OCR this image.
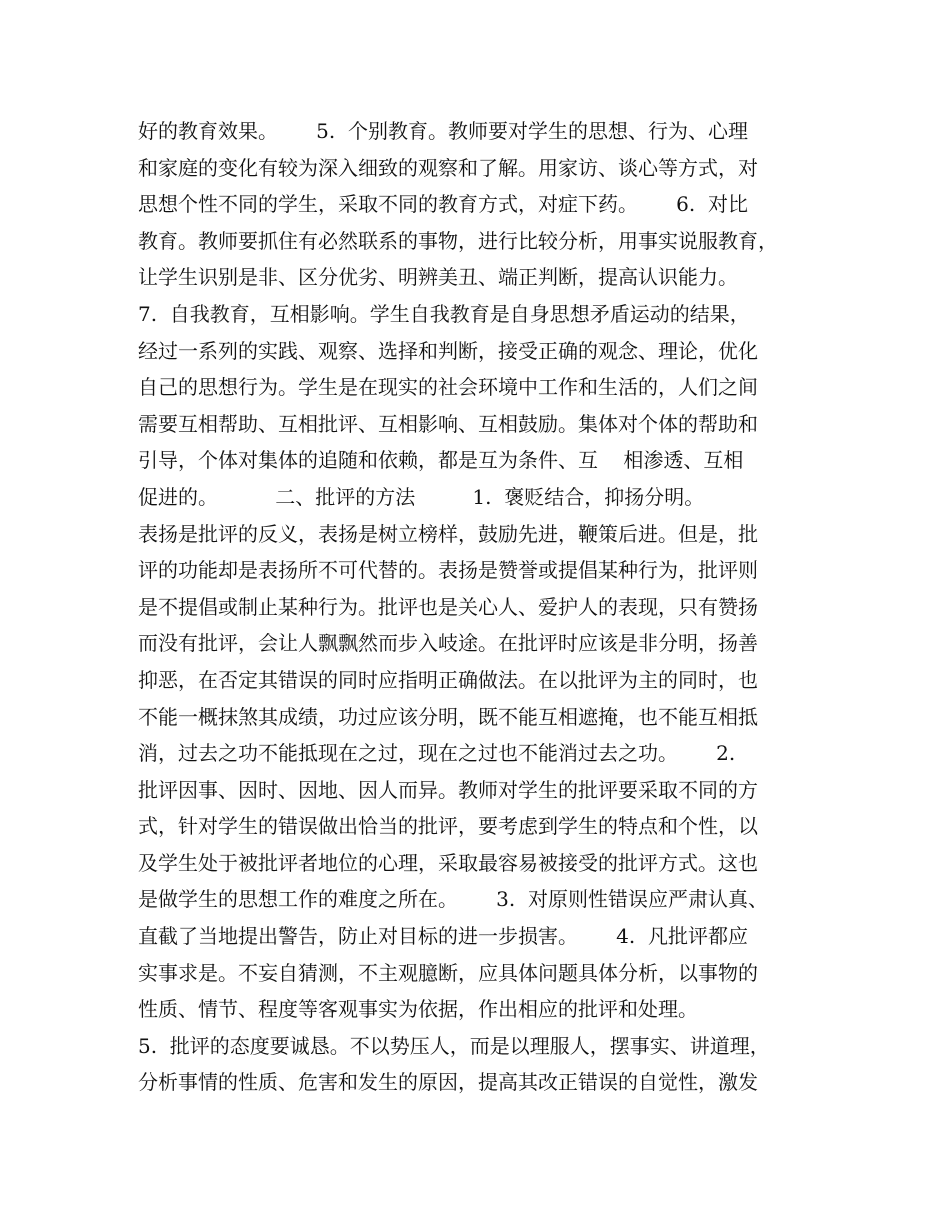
好的教育效果。      5.  个别教育。教师要对学生的思想、行为、心理
和家庭的变化有较为深入细致的观察和了解。用家访、谈心等方式，对
思想个性不同的学生，采取不同的教育方式，对症下药。      6.  对比
教育。教师要抓住有必然联系的事物，进行比较分析，用事实说服教育，
让学生识别是非、区分优劣、明辨美丑、端正判断，提高认识能力。
7.  自我教育，互相影响。学生自我教育是自身思想矛盾运动的结果，
经过一系列的实践、观察、选择和判断，接受正确的观念、理论，优化
自己的思想行为。学生是在现实的社会环境中工作和生活的，人们之间
需要互相帮助、互相批评、互相影响、互相鼓励。集体对个体的帮助和
引导，个体对集体的追随和依赖，都是互为条件、互    相渗透、互相
促进的。         二、批评的方法         1.  褒贬结合，抑扬分明。
表扬是批评的反义，表扬是树立榜样，鼓励先进，鞭策后进。但是，批
评的功能却是表扬所不可代替的。表扬是赞誉或提倡某种行为，批评则
是不提倡或制止某种行为。批评也是关心人、爱护人的表现，只有赞扬
而没有批评，会让人飘飘然而步入岐途。在批评时应该是非分明，扬善
抑恶，在否定其错误的同时应指明正确做法。在以批评为主的同时，也
不能一概抹煞其成绩，功过应该分明，既不能互相遮掩，也不能互相抵
消，过去之功不能抵现在之过，现在之过也不能消过去之功。      2.
批评因事、因时、因地、因人而异。教师对学生的批评要采取不同的方
式，针对学生的错误做出恰当的批评，要考虑到学生的特点和个性，以
及学生处于被批评者地位的心理，采取最容易被接受的批评方式。这也
是做学生的思想工作的难度之所在。      3.  对原则性错误应严肃认真、
直截了当地提出警告，防止对目标的进一步损害。      4.  凡批评都应
实事求是。不妄自猜测，不主观臆断，应具体问题具体分析，以事物的
性质、情节、程度等客观事实为依据，作出相应的批评和处理。
5.  批评的态度要诚恳。不以势压人，而是以理服人，摆事实、讲道理，
分析事情的性质、危害和发生的原因，提高其改正错误的自觉性，激发
